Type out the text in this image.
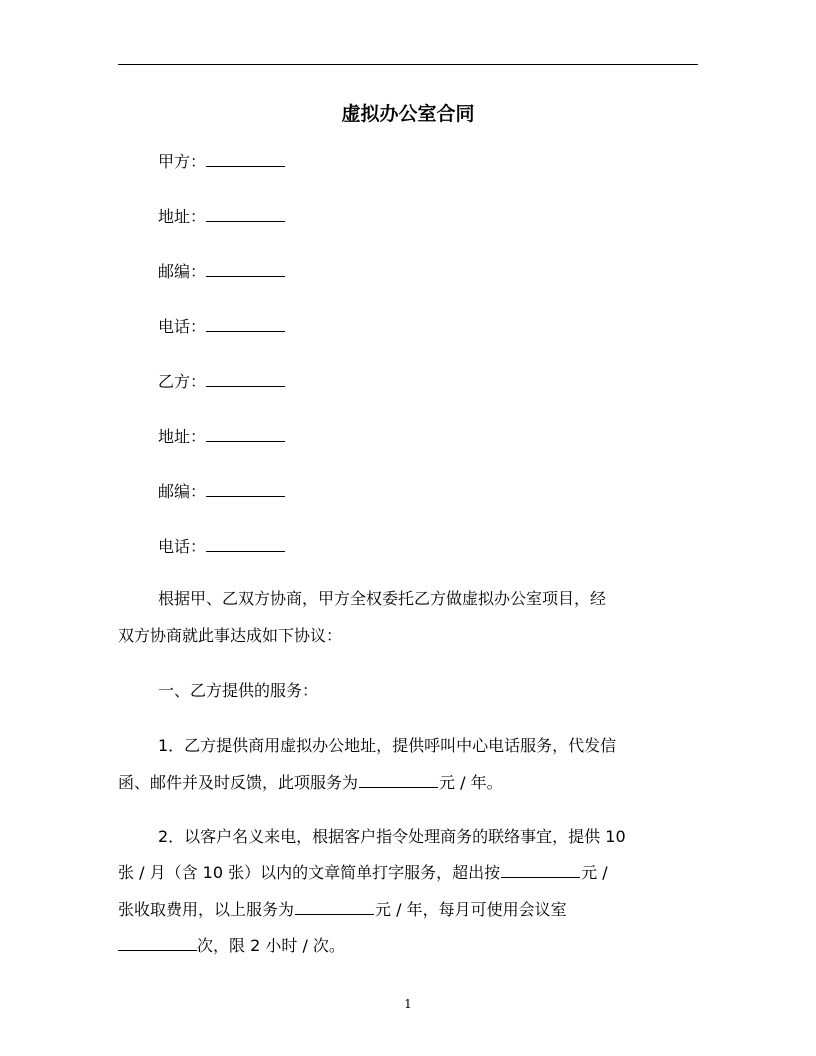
虚拟办公室合同
甲方：
地址：
邮编：
电话：
乙方：
地址：
邮编：
电话：
根据甲、乙双方协商，甲方全权委托乙方做虚拟办公室项目，经
双方协商就此事达成如下协议：
一、乙方提供的服务：
1．乙方提供商用虚拟办公地址，提供呼叫中心电话服务，代发信
函、邮件并及时反馈，此项服务为	元 / 年。
2．以客户名义来电，根据客户指令处理商务的联络事宜，提供 10
张 / 月（含 10 张）以内的文章简单打字服务，超出按	元 /
张收取费用，以上服务为	元 / 年，每月可使用会议室
次，限 2 小时 / 次。
1
